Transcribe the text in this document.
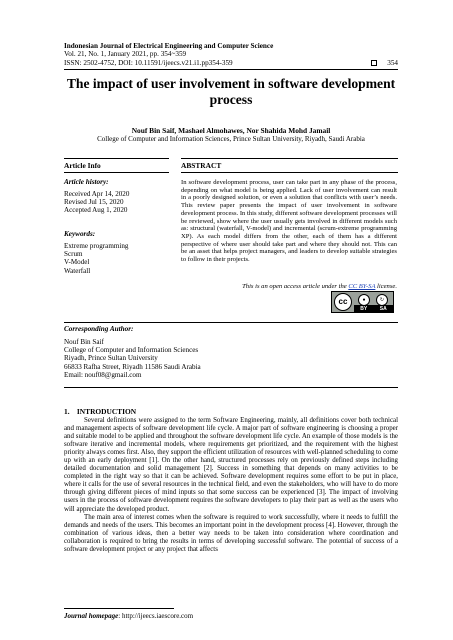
Indonesian Journal of Electrical Engineering and Computer Science
Vol. 21, No. 1, January 2021, pp. 354~359
ISSN: 2502-4752, DOI: 10.11591/ijeecs.v21.i1.pp354-359	354
The impact of user involvement in software development process
Nouf Bin Saif, Mashael Almohawes, Nor Shahida Mohd Jamail
College of Computer and Information Sciences, Prince Sultan University, Riyadh, Saudi Arabia
Article Info
Article history:
Received Apr 14, 2020
Revised Jul 15, 2020
Accepted Aug 1, 2020
Keywords:
Extreme programming
Scrum
V-Model
Waterfall
ABSTRACT
In software development process, user can take part in any phase of the process, depending on what model is being applied. Lack of user involvement can result in a poorly designed solution, or even a solution that conflicts with user’s needs. This review paper presents the impact of user involvement in software development process. In this study, different software development processes will be reviewed, show where the user usually gets involved in different models such as: structural (waterfall, V-model) and incremental (scrum-extreme programming XP). As each model differs from the other, each of them has a different perspective of where user should take part and where they should not. This can be an asset that helps project managers, and leaders to develop suitable strategies to follow in their projects.
This is an open access article under the CC BY-SA license.
cc	●	↻
BY	SA
Corresponding Author:
Nouf Bin Saif
College of Computer and Information Sciences
Riyadh, Prince Sultan University
66833 Rafha Street, Riyadh 11586 Saudi Arabia
Email: nouf08@gmail.com
1.    INTRODUCTION
Several definitions were assigned to the term Software Engineering, mainly, all definitions cover both technical and management aspects of software development life cycle. A major part of software engineering is choosing a proper and suitable model to be applied and throughout the software development life cycle. An example of those models is the software iterative and incremental models, where requirements get prioritized, and the requirement with the highest priority always comes first. Also, they support the efficient utilization of resources with well-planned scheduling to come up with an early deployment [1]. On the other hand, structured processes rely on previously defined steps including detailed documentation and solid management [2]. Success in something that depends on many activities to be completed in the right way so that it can be achieved. Software development requires some effort to be put in place, where it calls for the use of several resources in the technical field, and even the stakeholders, who will have to do more through giving different pieces of mind inputs so that some success can be experienced [3]. The impact of involving users in the process of software development requires the software developers to play their part as well as the users who will appreciate the developed product.
The main area of interest comes when the software is required to work successfully, where it needs to fulfill the demands and needs of the users. This becomes an important point in the development process [4]. However, through the combination of various ideas, then a better way needs to be taken into consideration where coordination and collaboration is required to bring the results in terms of developing successful software. The potential of success of a software development project or any project that affects
Journal homepage: http://ijeecs.iaescore.com
